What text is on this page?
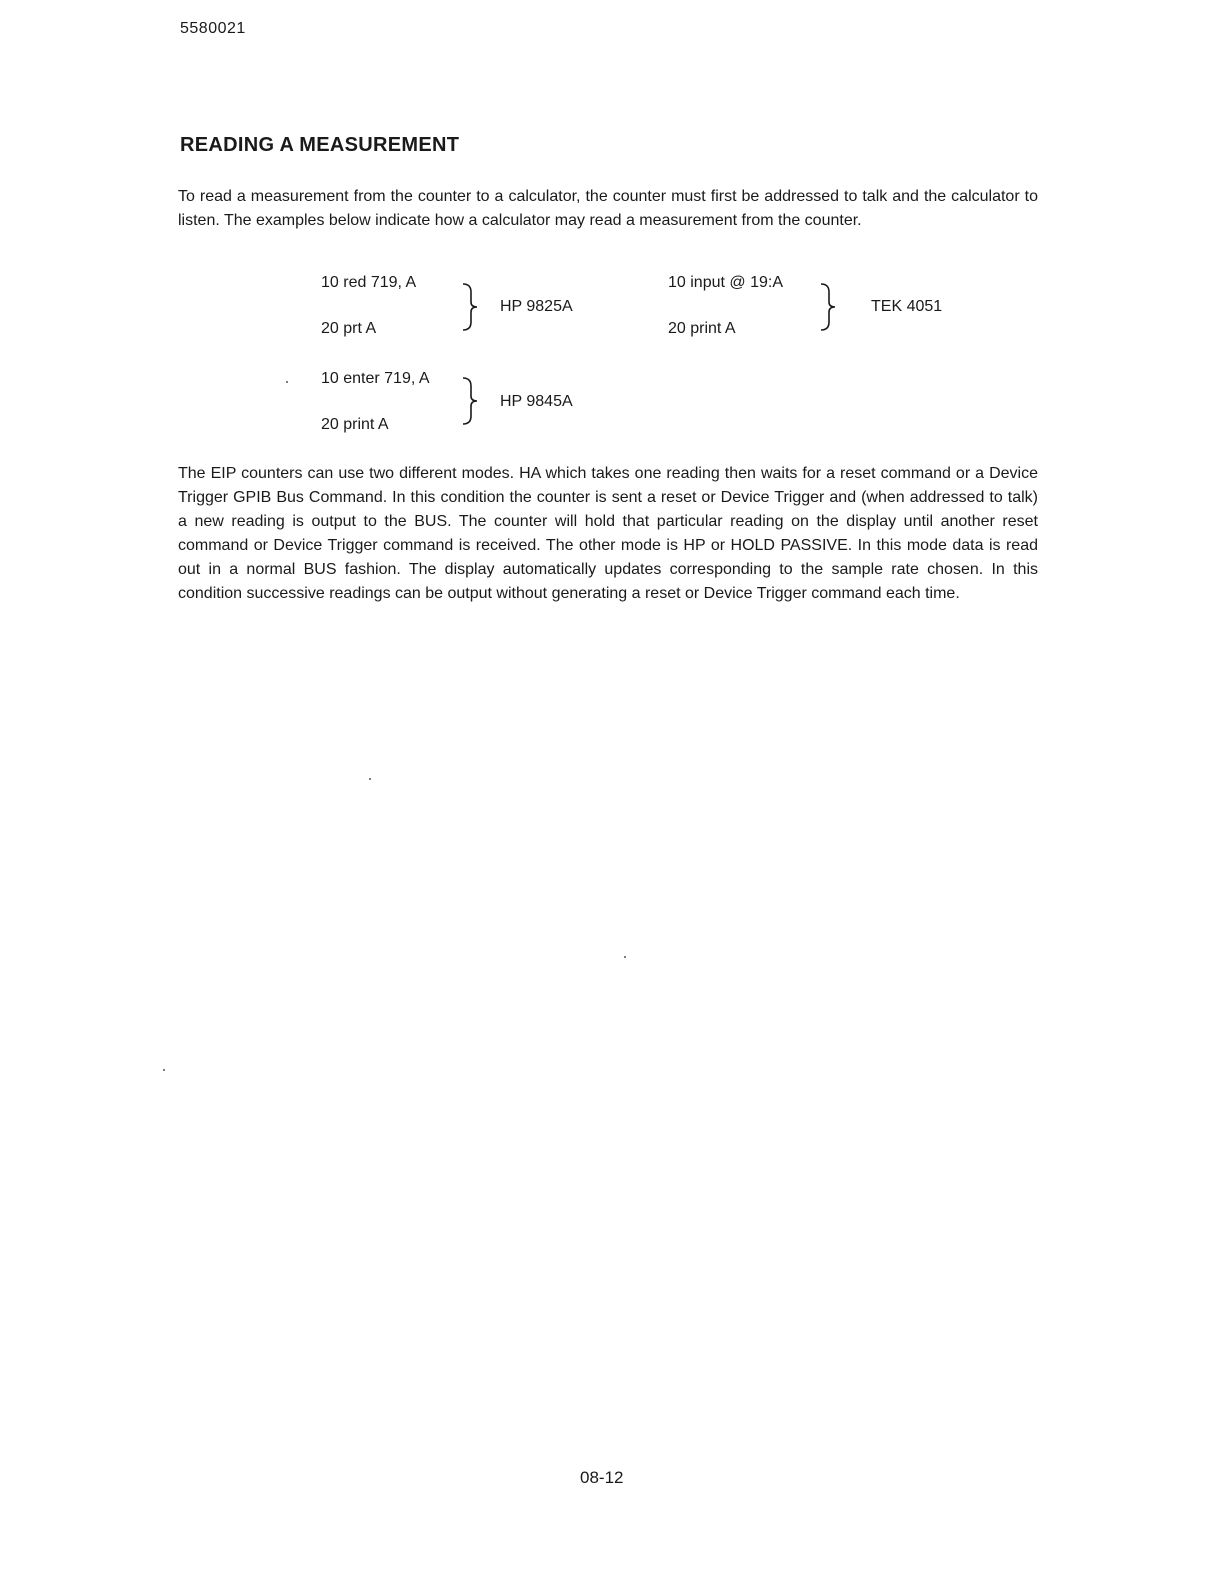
5580021
READING A MEASUREMENT

To read a measurement from the counter to a calculator, the counter must first be addressed to talk and the calculator to listen. The examples below indicate how a calculator may read a measurement from the counter.

10 red 719, A
20 prt A
HP 9825A
10 input @ 19:A
20 print A
TEK 4051
10 enter 719, A
20 print A
HP 9845A

The EIP counters can use two different modes. HA which takes one reading then waits for a reset command or a Device Trigger GPIB Bus Command. In this condition the counter is sent a reset or Device Trigger and (when addressed to talk) a new reading is output to the BUS. The counter will hold that particular reading on the display until another reset command or Device Trigger command is received. The other mode is HP or HOLD PASSIVE. In this mode data is read out in a normal BUS fashion. The display automatically updates corresponding to the sample rate chosen. In this condition successive readings can be output without generating a reset or Device Trigger command each time.

08-12
